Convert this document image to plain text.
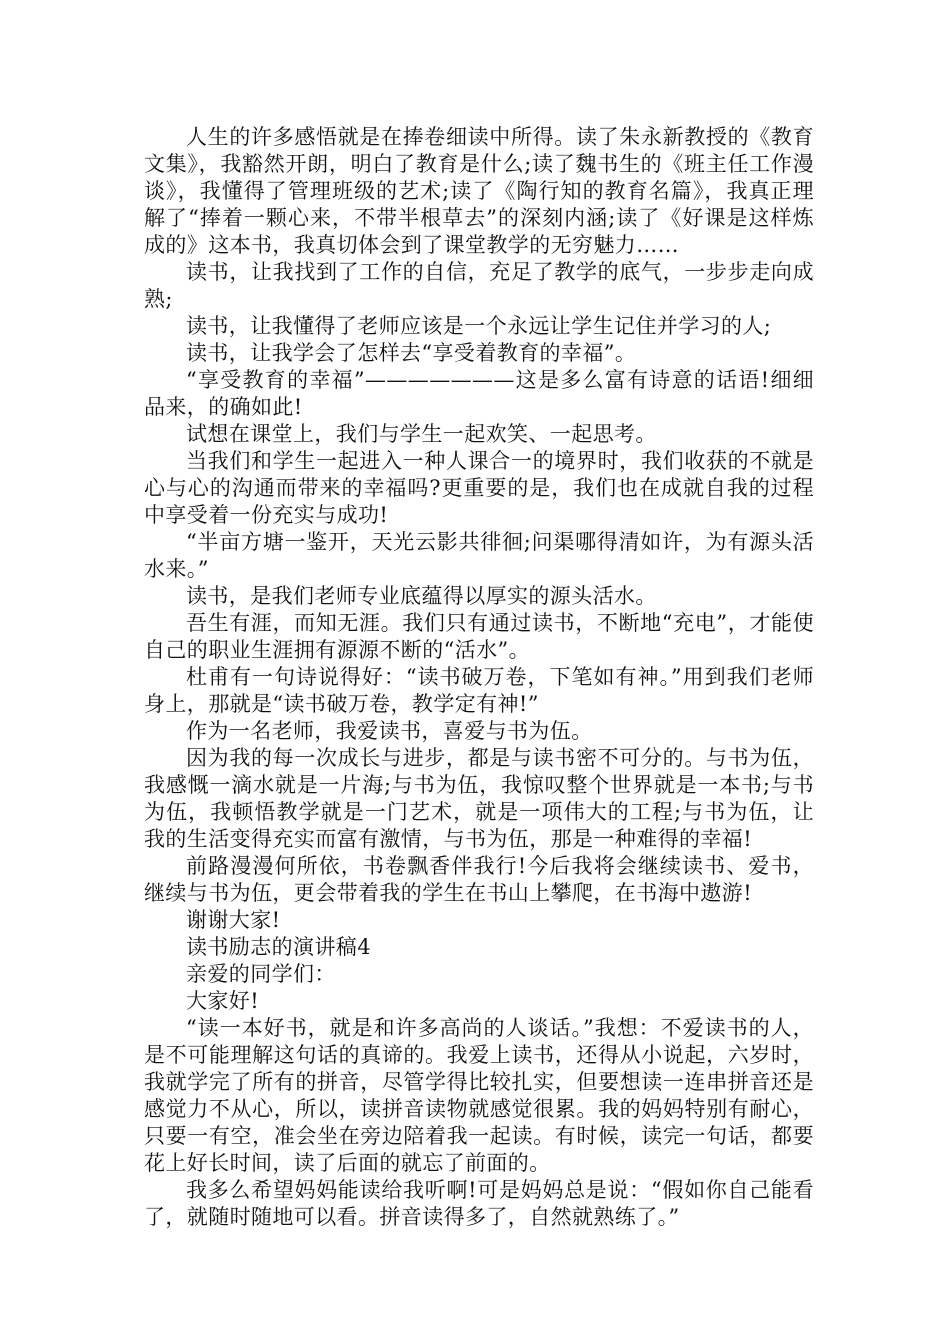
人生的许多感悟就是在捧卷细读中所得。读了朱永新教授的《教育文集》，我豁然开朗，明白了教育是什么;读了魏书生的《班主任工作漫谈》，我懂得了管理班级的艺术;读了《陶行知的教育名篇》，我真正理解了“捧着一颗心来，不带半根草去”的深刻内涵;读了《好课是这样炼成的》这本书，我真切体会到了课堂教学的无穷魅力……

读书，让我找到了工作的自信，充足了教学的底气，一步步走向成熟;

读书，让我懂得了老师应该是一个永远让学生记住并学习的人;

读书，让我学会了怎样去“享受着教育的幸福”。

“享受教育的幸福”———————这是多么富有诗意的话语!细细品来，的确如此!

试想在课堂上，我们与学生一起欢笑、一起思考。

当我们和学生一起进入一种人课合一的境界时，我们收获的不就是心与心的沟通而带来的幸福吗?更重要的是，我们也在成就自我的过程中享受着一份充实与成功!

“半亩方塘一鉴开，天光云影共徘徊;问渠哪得清如许，为有源头活水来。”

读书，是我们老师专业底蕴得以厚实的源头活水。

吾生有涯，而知无涯。我们只有通过读书，不断地“充电”，才能使自己的职业生涯拥有源源不断的“活水”。

杜甫有一句诗说得好：“读书破万卷，下笔如有神。”用到我们老师身上，那就是“读书破万卷，教学定有神!”

作为一名老师，我爱读书，喜爱与书为伍。

因为我的每一次成长与进步，都是与读书密不可分的。与书为伍，我感慨一滴水就是一片海;与书为伍，我惊叹整个世界就是一本书;与书为伍，我顿悟教学就是一门艺术，就是一项伟大的工程;与书为伍，让我的生活变得充实而富有激情，与书为伍，那是一种难得的幸福!

前路漫漫何所依，书卷飘香伴我行!今后我将会继续读书、爱书，继续与书为伍，更会带着我的学生在书山上攀爬，在书海中遨游!

谢谢大家!

读书励志的演讲稿4

亲爱的同学们：

大家好!

“读一本好书，就是和许多高尚的人谈话。”我想：不爱读书的人，是不可能理解这句话的真谛的。我爱上读书，还得从小说起，六岁时，我就学完了所有的拼音，尽管学得比较扎实，但要想读一连串拼音还是感觉力不从心，所以，读拼音读物就感觉很累。我的妈妈特别有耐心，只要一有空，准会坐在旁边陪着我一起读。有时候，读完一句话，都要花上好长时间，读了后面的就忘了前面的。

我多么希望妈妈能读给我听啊!可是妈妈总是说：“假如你自己能看了，就随时随地可以看。拼音读得多了，自然就熟练了。”
